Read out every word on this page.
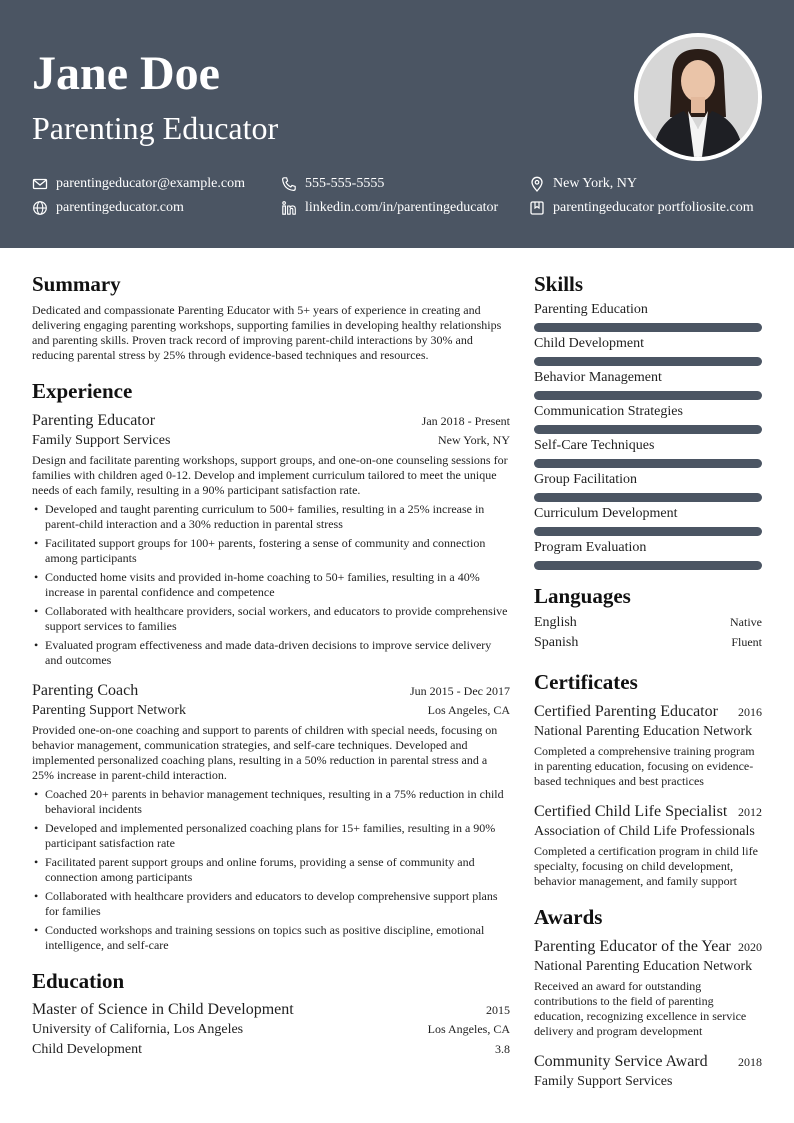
Jane Doe
Parenting Educator
parentingeducator@example.com	555-555-5555	New York, NY
parentingeducator.com	linkedin.com/in/parentingeducator	parentingeducator portfoliosite.com
Summary

Dedicated and compassionate Parenting Educator with 5+ years of experience in creating and delivering engaging parenting workshops, supporting families in developing healthy relationships and parenting skills. Proven track record of improving parent-child interactions by 30% and reducing parental stress by 25% through evidence-based techniques and resources.

Experience
Parenting Educator	Jan 2018 - Present
Family Support Services	New York, NY

Design and facilitate parenting workshops, support groups, and one-on-one counseling sessions for families with children aged 0-12. Develop and implement curriculum tailored to meet the unique needs of each family, resulting in a 90% participant satisfaction rate.

• Developed and taught parenting curriculum to 500+ families, resulting in a 25% increase in parent-child interaction and a 30% reduction in parental stress
• Facilitated support groups for 100+ parents, fostering a sense of community and connection among participants
• Conducted home visits and provided in-home coaching to 50+ families, resulting in a 40% increase in parental confidence and competence
• Collaborated with healthcare providers, social workers, and educators to provide comprehensive support services to families
• Evaluated program effectiveness and made data-driven decisions to improve service delivery and outcomes
Parenting Coach	Jun 2015 - Dec 2017
Parenting Support Network	Los Angeles, CA

Provided one-on-one coaching and support to parents of children with special needs, focusing on behavior management, communication strategies, and self-care techniques. Developed and implemented personalized coaching plans, resulting in a 50% reduction in parental stress and a 25% increase in parent-child interaction.

• Coached 20+ parents in behavior management techniques, resulting in a 75% reduction in child behavioral incidents
• Developed and implemented personalized coaching plans for 15+ families, resulting in a 90% participant satisfaction rate
• Facilitated parent support groups and online forums, providing a sense of community and connection among participants
• Collaborated with healthcare providers and educators to develop comprehensive support plans for families
• Conducted workshops and training sessions on topics such as positive discipline, emotional intelligence, and self-care
Education
Master of Science in Child Development	2015
University of California, Los Angeles	Los Angeles, CA
Child Development	3.8
Skills
Parenting Education
Child Development
Behavior Management
Communication Strategies
Self-Care Techniques
Group Facilitation
Curriculum Development
Program Evaluation
Languages
English	Native
Spanish	Fluent
Certificates
Certified Parenting Educator 2016
National Parenting Education Network

Completed a comprehensive training program in parenting education, focusing on evidence-based techniques and best practices

Certified Child Life Specialist 2012
Association of Child Life Professionals

Completed a certification program in child life specialty, focusing on child development, behavior management, and family support

Awards
Parenting Educator of the Year 2020
National Parenting Education Network

Received an award for outstanding contributions to the field of parenting education, recognizing excellence in service delivery and program development

Community Service Award	2018
Family Support Services
